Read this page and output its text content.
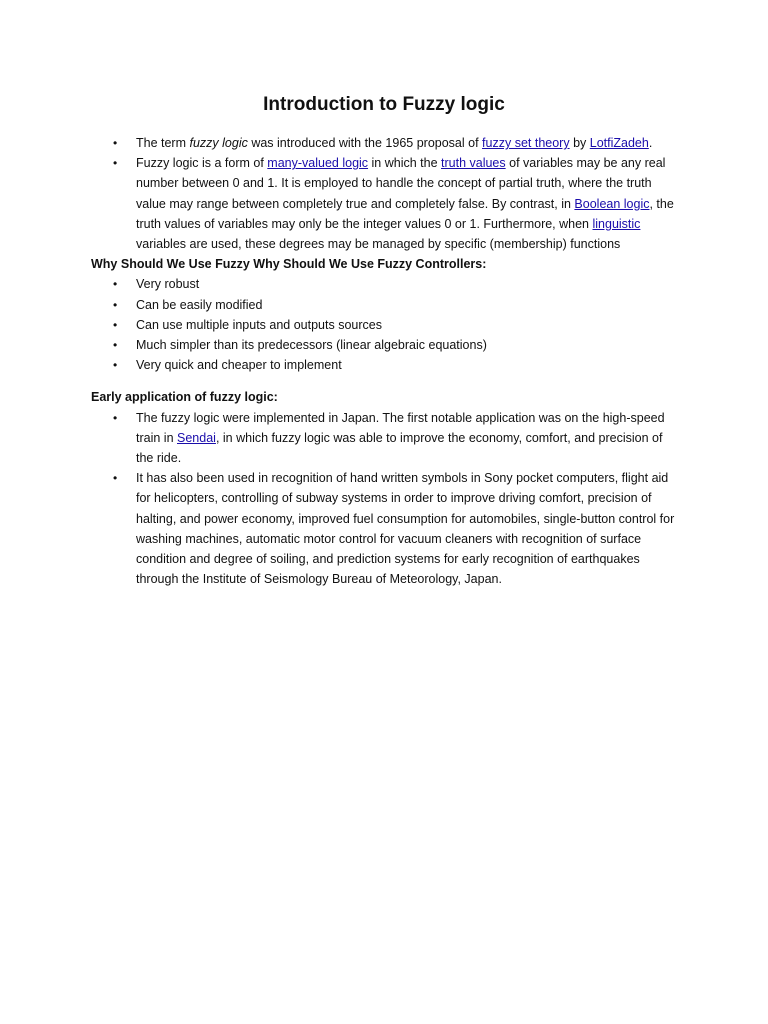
Introduction to Fuzzy logic
• The term fuzzy logic was introduced with the 1965 proposal of fuzzy set theory by LotfiZadeh.
• Fuzzy logic is a form of many-valued logic in which the truth values of variables may be any real number between 0 and 1. It is employed to handle the concept of partial truth, where the truth value may range between completely true and completely false. By contrast, in Boolean logic, the truth values of variables may only be the integer values 0 or 1. Furthermore, when linguistic variables are used, these degrees may be managed by specific (membership) functions
Why Should We Use Fuzzy Why Should We Use Fuzzy Controllers:
• Very robust
• Can be easily modified
• Can use multiple inputs and outputs sources
• Much simpler than its predecessors (linear algebraic equations)
• Very quick and cheaper to implement
Early application of fuzzy logic:
• The fuzzy logic were implemented in Japan. The first notable application was on the high-speed train in Sendai, in which fuzzy logic was able to improve the economy, comfort, and precision of the ride.
• It has also been used in recognition of hand written symbols in Sony pocket computers, flight aid for helicopters, controlling of subway systems in order to improve driving comfort, precision of halting, and power economy, improved fuel consumption for automobiles, single-button control for washing machines, automatic motor control for vacuum cleaners with recognition of surface condition and degree of soiling, and prediction systems for early recognition of earthquakes through the Institute of Seismology Bureau of Meteorology, Japan.
